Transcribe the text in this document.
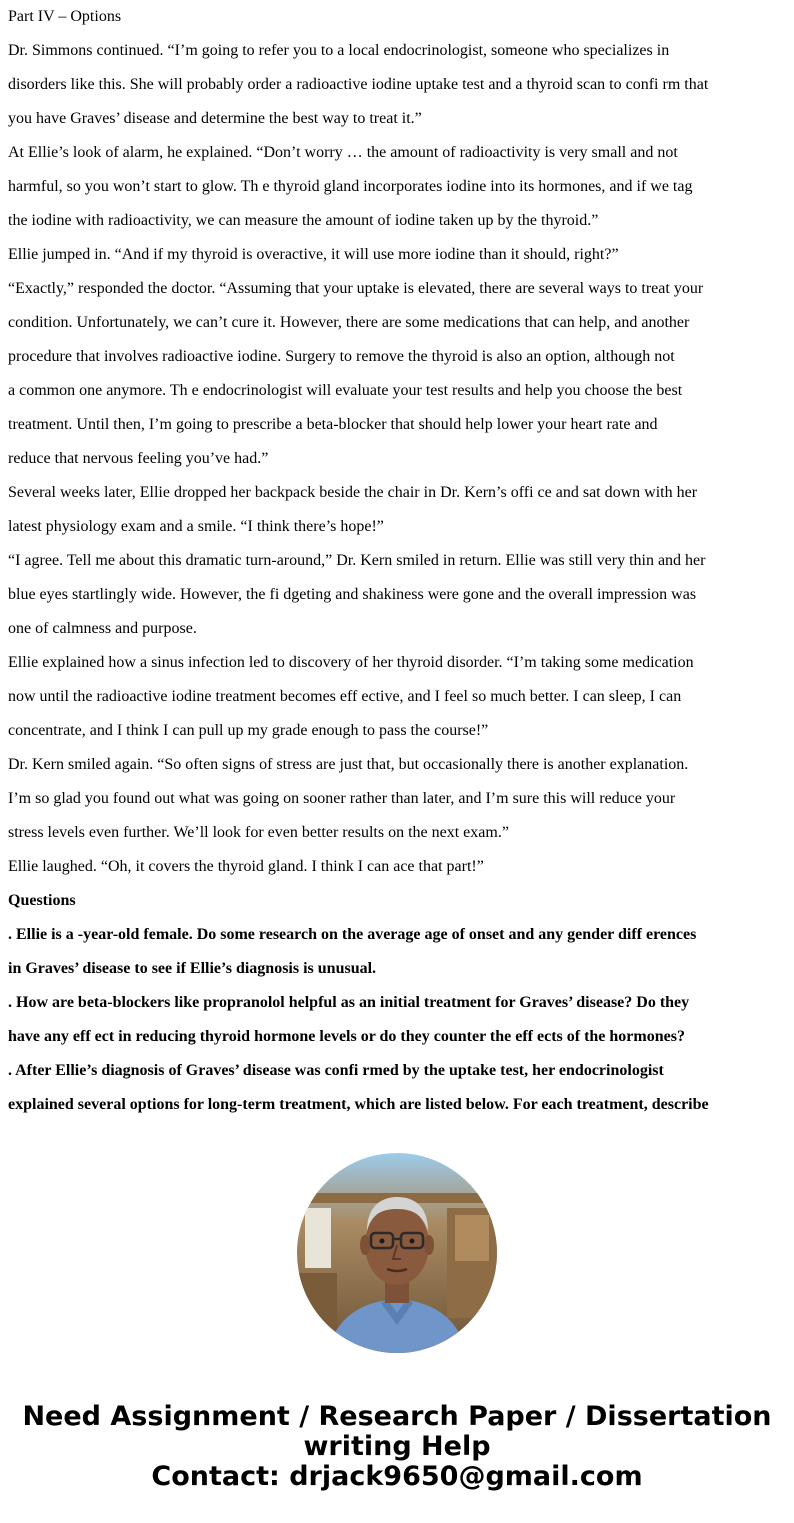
Part IV – Options
Dr. Simmons continued. “I’m going to refer you to a local endocrinologist, someone who specializes in
disorders like this. She will probably order a radioactive iodine uptake test and a thyroid scan to confi rm that
you have Graves’ disease and determine the best way to treat it.”
At Ellie’s look of alarm, he explained. “Don’t worry … the amount of radioactivity is very small and not
harmful, so you won’t start to glow. Th e thyroid gland incorporates iodine into its hormones, and if we tag
the iodine with radioactivity, we can measure the amount of iodine taken up by the thyroid.”
Ellie jumped in. “And if my thyroid is overactive, it will use more iodine than it should, right?”
“Exactly,” responded the doctor. “Assuming that your uptake is elevated, there are several ways to treat your
condition. Unfortunately, we can’t cure it. However, there are some medications that can help, and another
procedure that involves radioactive iodine. Surgery to remove the thyroid is also an option, although not
a common one anymore. Th e endocrinologist will evaluate your test results and help you choose the best
treatment. Until then, I’m going to prescribe a beta-blocker that should help lower your heart rate and
reduce that nervous feeling you’ve had.”
Several weeks later, Ellie dropped her backpack beside the chair in Dr. Kern’s offi ce and sat down with her
latest physiology exam and a smile. “I think there’s hope!”
“I agree. Tell me about this dramatic turn-around,” Dr. Kern smiled in return. Ellie was still very thin and her
blue eyes startlingly wide. However, the fi dgeting and shakiness were gone and the overall impression was
one of calmness and purpose.
Ellie explained how a sinus infection led to discovery of her thyroid disorder. “I’m taking some medication
now until the radioactive iodine treatment becomes eff ective, and I feel so much better. I can sleep, I can
concentrate, and I think I can pull up my grade enough to pass the course!”
Dr. Kern smiled again. “So often signs of stress are just that, but occasionally there is another explanation.
I’m so glad you found out what was going on sooner rather than later, and I’m sure this will reduce your
stress levels even further. We’ll look for even better results on the next exam.”
Ellie laughed. “Oh, it covers the thyroid gland. I think I can ace that part!”
Questions
. Ellie is a -year-old female. Do some research on the average age of onset and any gender diff erences
in Graves’ disease to see if Ellie’s diagnosis is unusual.
. How are beta-blockers like propranolol helpful as an initial treatment for Graves’ disease? Do they
have any eff ect in reducing thyroid hormone levels or do they counter the eff ects of the hormones?
. After Ellie’s diagnosis of Graves’ disease was confi rmed by the uptake test, her endocrinologist
explained several options for long-term treatment, which are listed below. For each treatment, describe
Need Assignment / Research Paper / Dissertation
writing Help
Contact: drjack9650@gmail.com
